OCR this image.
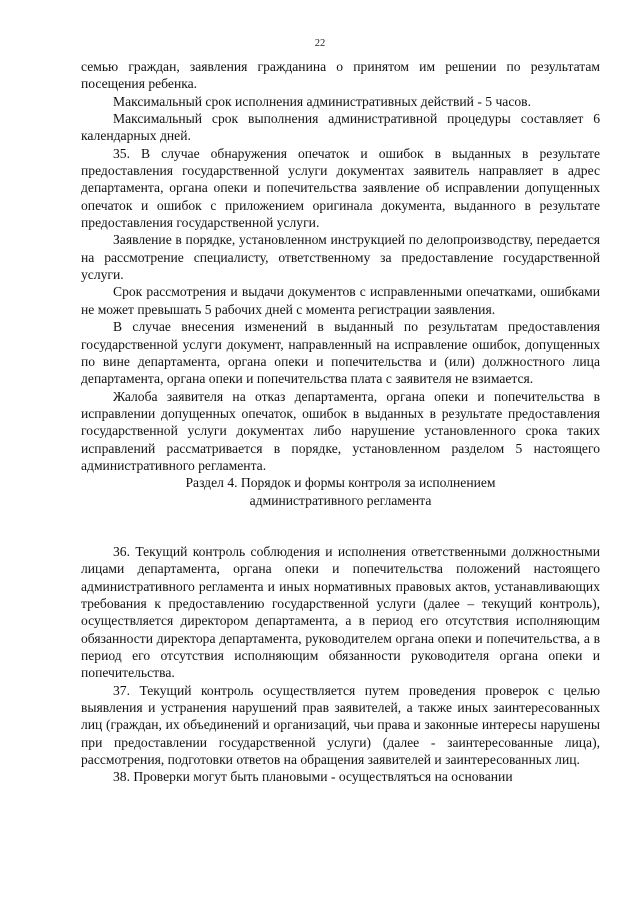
22

семью граждан, заявления гражданина о принятом им решении по результатам посещения ребенка.

Максимальный срок исполнения административных действий - 5 часов.

Максимальный срок выполнения административной процедуры составляет 6 календарных дней.

35. В случае обнаружения опечаток и ошибок в выданных в результате предоставления государственной услуги документах заявитель направляет в адрес департамента, органа опеки и попечительства заявление об исправлении допущенных опечаток и ошибок с приложением оригинала документа, выданного в результате предоставления государственной услуги.

Заявление в порядке, установленном инструкцией по делопроизводству, передается на рассмотрение специалисту, ответственному за предоставление государственной услуги.

Срок рассмотрения и выдачи документов с исправленными опечатками, ошибками не может превышать 5 рабочих дней с момента регистрации заявления.

В случае внесения изменений в выданный по результатам предоставления государственной услуги документ, направленный на исправление ошибок, допущенных по вине департамента, органа опеки и попечительства и (или) должностного лица департамента, органа опеки и попечительства плата с заявителя не взимается.

Жалоба заявителя на отказ департамента, органа опеки и попечительства в исправлении допущенных опечаток, ошибок в выданных в результате предоставления государственной услуги документах либо нарушение установленного срока таких исправлений рассматривается в порядке, установленном разделом 5 настоящего административного регламента.

Раздел 4. Порядок и формы контроля за исполнением

административного регламента

36. Текущий контроль соблюдения и исполнения ответственными должностными лицами департамента, органа опеки и попечительства положений настоящего административного регламента и иных нормативных правовых актов, устанавливающих требования к предоставлению государственной услуги (далее – текущий контроль), осуществляется директором департамента, а в период его отсутствия исполняющим обязанности директора департамента, руководителем органа опеки и попечительства, а в период его отсутствия исполняющим обязанности руководителя органа опеки и попечительства.

37. Текущий контроль осуществляется путем проведения проверок с целью выявления и устранения нарушений прав заявителей, а также иных заинтересованных лиц (граждан, их объединений и организаций, чьи права и законные интересы нарушены при предоставлении государственной услуги) (далее - заинтересованные лица), рассмотрения, подготовки ответов на обращения заявителей и заинтересованных лиц.

38. Проверки могут быть плановыми - осуществляться на основании
